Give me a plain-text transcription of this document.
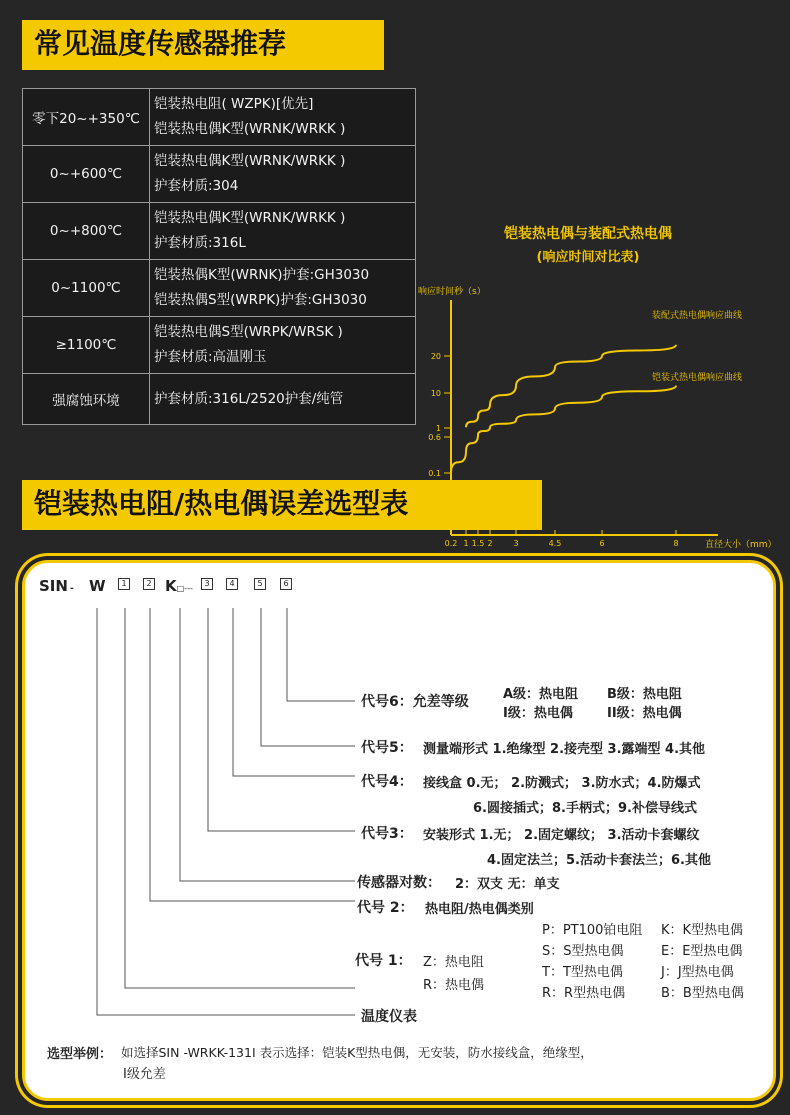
常见温度传感器推荐
零下20~+350℃	铠装热电阻( WZPK)[优先]
铠装热电偶K型(WRNK/WRKK )

0~+600℃	铠装热电偶K型(WRNK/WRKK )
护套材质:304

0~+800℃	铠装热电偶K型(WRNK/WRKK )
护套材质:316L

0~1100℃	铠装热偶K型(WRNK)护套:GH3030
铠装热偶S型(WRPK)护套:GH3030

≥1100℃	铠装热电偶S型(WRPK/WRSK )
护套材质:高温刚玉

强腐蚀环境	护套材质:316L/2520护套/纯管
铠装热电偶与装配式热电偶
(响应时间对比表)
响应时间秒（s）
直径大小（mm）
0.2 1 1.5 2	3	4.5	6	8
0.1
0.6
1
10
20
装配式热电偶响应曲线
铠装式热电偶响应曲线
铠装热电阻/热电偶误差选型表
SIN - W	1	2 K□---
3	4	5	6
代号6：允差等级	A级：热电阻 B级：热电阻
I级：热电偶	II级：热电偶
代号5： 测量端形式 1.绝缘型 2.接壳型 3.露端型 4.其他
代号4： 接线盒 0.无； 2.防溅式； 3.防水式；4.防爆式
6.圆接插式；8.手柄式；9.补偿导线式
代号3： 安装形式 1.无； 2.固定螺纹； 3.活动卡套螺纹
4.固定法兰；5.活动卡套法兰；6.其他
传感器对数： 2：双支 无：单支
代号 2： 热电阻/热电偶类别
P：PT100铂电阻 K：K型热电偶
S：S型热电偶	E：E型热电偶
T：T型热电偶	J：J型热电偶
R：R型热电偶	B：B型热电偶
代号 1： Z：热电阻
R：热电偶
温度仪表
选型举例： 如选择SIN -WRKK-131I 表示选择：铠装K型热电偶，无安装，防水接线盒，绝缘型，
I级允差
